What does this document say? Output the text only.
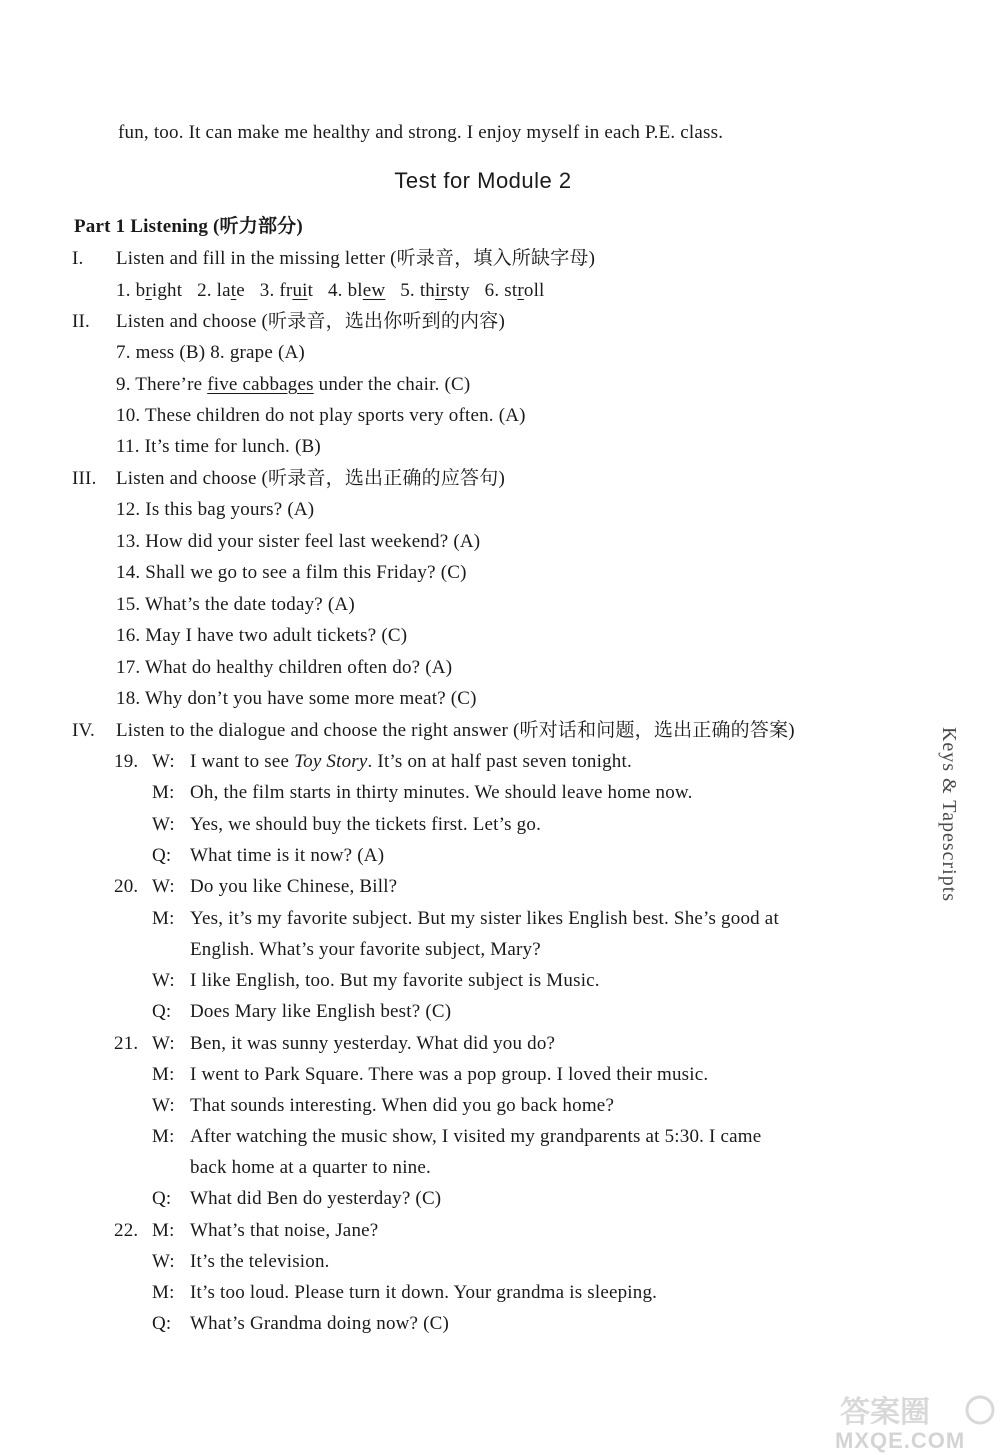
fun, too. It can make me healthy and strong. I enjoy myself in each P.E. class.
Test for Module 2
Part 1 Listening (听力部分)
I. Listen and fill in the missing letter (听录音，填入所缺字母)
1. bright 2. late 3. fruit 4. blew 5. thirsty 6. stroll
II. Listen and choose (听录音，选出你听到的内容)
7. mess (B) 8. grape (A)
9. There’re five cabbages under the chair. (C)
10. These children do not play sports very often. (A)
11. It’s time for lunch. (B)
III. Listen and choose (听录音，选出正确的应答句)
12. Is this bag yours? (A)
13. How did your sister feel last weekend? (A)
14. Shall we go to see a film this Friday? (C)
15. What’s the date today? (A)
16. May I have two adult tickets? (C)
17. What do healthy children often do? (A)
18. Why don’t you have some more meat? (C)
IV. Listen to the dialogue and choose the right answer (听对话和问题，选出正确的答案)
19. W: I want to see Toy Story. It’s on at half past seven tonight.
M: Oh, the film starts in thirty minutes. We should leave home now.
W: Yes, we should buy the tickets first. Let’s go.
Q: What time is it now? (A)
20. W: Do you like Chinese, Bill?
M: Yes, it’s my favorite subject. But my sister likes English best. She’s good at
English. What’s your favorite subject, Mary?
W: I like English, too. But my favorite subject is Music.
Q: Does Mary like English best? (C)
21. W: Ben, it was sunny yesterday. What did you do?
M: I went to Park Square. There was a pop group. I loved their music.
W: That sounds interesting. When did you go back home?
M: After watching the music show, I visited my grandparents at 5:30. I came
back home at a quarter to nine.
Q: What did Ben do yesterday? (C)
22. M: What’s that noise, Jane?
W: It’s the television.
M: It’s too loud. Please turn it down. Your grandma is sleeping.
Q: What’s Grandma doing now? (C)
Keys & Tapescripts
答案圈
MXQE.COM
